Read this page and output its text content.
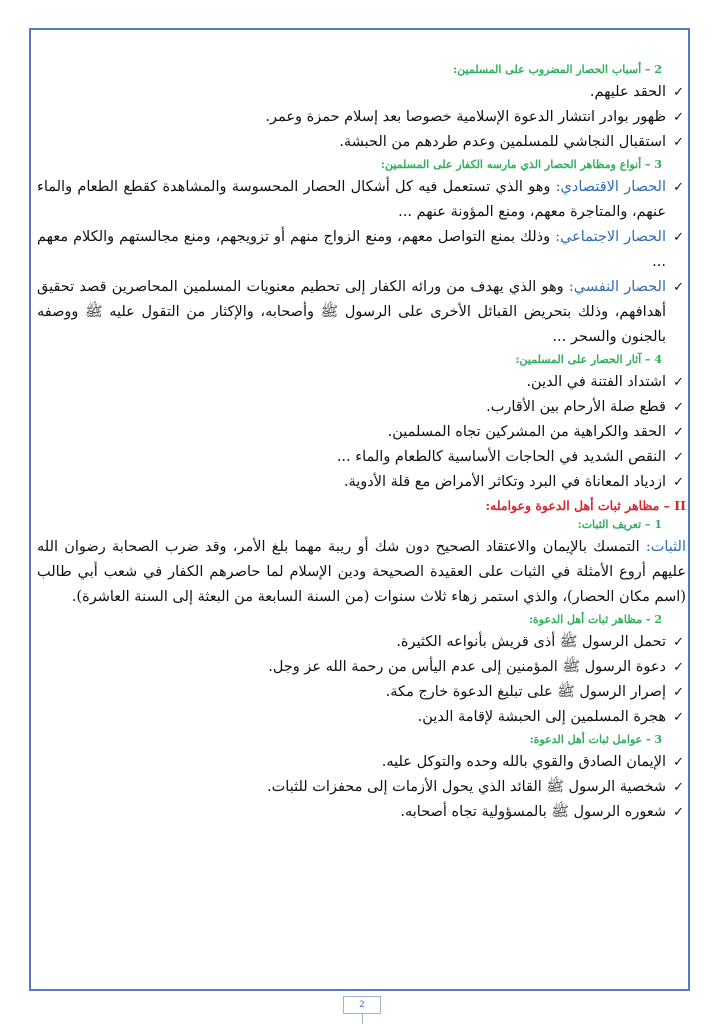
2 – أسباب الحصار المضروب على المسلمين:
✓
الحقد عليهم.
✓
ظهور بوادر انتشار الدعوة الإسلامية خصوصا بعد إسلام حمزة وعمر.
✓
استقبال النجاشي للمسلمين وعدم طردهم من الحبشة.
3 – أنواع ومظاهر الحصار الذي مارسه الكفار على المسلمين:
✓
الحصار الاقتصادي: وهو الذي تستعمل فيه كل أشكال الحصار المحسوسة والمشاهدة كقطع الطعام والماء عنهم، والمتاجرة معهم، ومنع المؤونة عنهم ...
✓
الحصار الاجتماعي: وذلك بمنع التواصل معهم، ومنع الزواج منهم أو تزويجهم، ومنع مجالستهم والكلام معهم ...
✓
الحصار النفسي: وهو الذي يهدف من ورائه الكفار إلى تحطيم معنويات المسلمين المحاصرين قصد تحقيق أهدافهم، وذلك بتحريض القبائل الأخرى على الرسول ﷺ وأصحابه، والإكثار من التقول عليه ﷺ ووصفه بالجنون والسحر ...
4 – آثار الحصار على المسلمين:
✓
اشتداد الفتنة في الدين.
✓
قطع صلة الأرحام بين الأقارب.
✓
الحقد والكراهية من المشركين تجاه المسلمين.
✓
النقص الشديد في الحاجات الأساسية كالطعام والماء ...
✓
ازدياد المعاناة في البرد وتكاثر الأمراض مع قلة الأدوية.
II – مظاهر ثبات أهل الدعوة وعوامله:
1 – تعريف الثبات:

الثبات: التمسك بالإيمان والاعتقاد الصحيح دون شك أو ريبة مهما بلغ الأمر، وقد ضرب الصحابة رضوان الله عليهم أروع الأمثلة في الثبات على العقيدة الصحيحة ودين الإسلام لما حاصرهم الكفار في شعب أبي طالب (اسم مكان الحصار)، والذي استمر زهاء ثلاث سنوات (من السنة السابعة من البعثة إلى السنة العاشرة).

2 - مظاهر ثبات أهل الدعوة:
✓
تحمل الرسول ﷺ أذى قريش بأنواعه الكثيرة.
✓
دعوة الرسول ﷺ المؤمنين إلى عدم اليأس من رحمة الله عز وجل.
✓
إصرار الرسول ﷺ على تبليغ الدعوة خارج مكة.
✓
هجرة المسلمين إلى الحبشة لإقامة الدين.
3 - عوامل ثبات أهل الدعوة:
✓
الإيمان الصادق والقوي بالله وحده والتوكل عليه.
✓
شخصية الرسول ﷺ القائد الذي يحول الأزمات إلى محفزات للثبات.
✓
شعوره الرسول ﷺ بالمسؤولية تجاه أصحابه.
2
